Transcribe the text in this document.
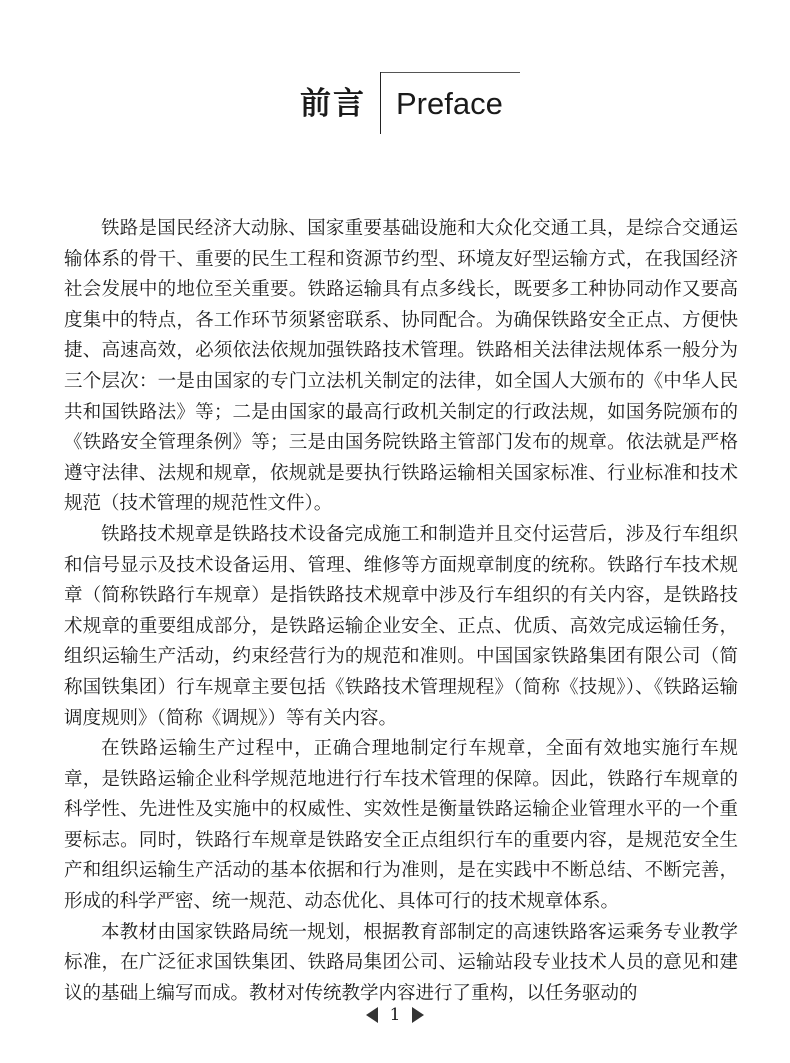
前言 Preface

铁路是国民经济大动脉、国家重要基础设施和大众化交通工具，是综合交通运输体系的骨干、重要的民生工程和资源节约型、环境友好型运输方式，在我国经济社会发展中的地位至关重要。铁路运输具有点多线长，既要多工种协同动作又要高度集中的特点，各工作环节须紧密联系、协同配合。为确保铁路安全正点、方便快捷、高速高效，必须依法依规加强铁路技术管理。铁路相关法律法规体系一般分为三个层次：一是由国家的专门立法机关制定的法律，如全国人大颁布的《中华人民共和国铁路法》等；二是由国家的最高行政机关制定的行政法规，如国务院颁布的《铁路安全管理条例》等；三是由国务院铁路主管部门发布的规章。依法就是严格遵守法律、法规和规章，依规就是要执行铁路运输相关国家标准、行业标准和技术规范（技术管理的规范性文件）。

铁路技术规章是铁路技术设备完成施工和制造并且交付运营后，涉及行车组织和信号显示及技术设备运用、管理、维修等方面规章制度的统称。铁路行车技术规章（简称铁路行车规章）是指铁路技术规章中涉及行车组织的有关内容，是铁路技术规章的重要组成部分，是铁路运输企业安全、正点、优质、高效完成运输任务，组织运输生产活动，约束经营行为的规范和准则。中国国家铁路集团有限公司（简称国铁集团）行车规章主要包括《铁路技术管理规程》（简称《技规》）、《铁路运输调度规则》（简称《调规》）等有关内容。

在铁路运输生产过程中，正确合理地制定行车规章，全面有效地实施行车规章，是铁路运输企业科学规范地进行行车技术管理的保障。因此，铁路行车规章的科学性、先进性及实施中的权威性、实效性是衡量铁路运输企业管理水平的一个重要标志。同时，铁路行车规章是铁路安全正点组织行车的重要内容，是规范安全生产和组织运输生产活动的基本依据和行为准则，是在实践中不断总结、不断完善，形成的科学严密、统一规范、动态优化、具体可行的技术规章体系。

本教材由国家铁路局统一规划，根据教育部制定的高速铁路客运乘务专业教学标准，在广泛征求国铁集团、铁路局集团公司、运输站段专业技术人员的意见和建议的基础上编写而成。教材对传统教学内容进行了重构，以任务驱动的

1
